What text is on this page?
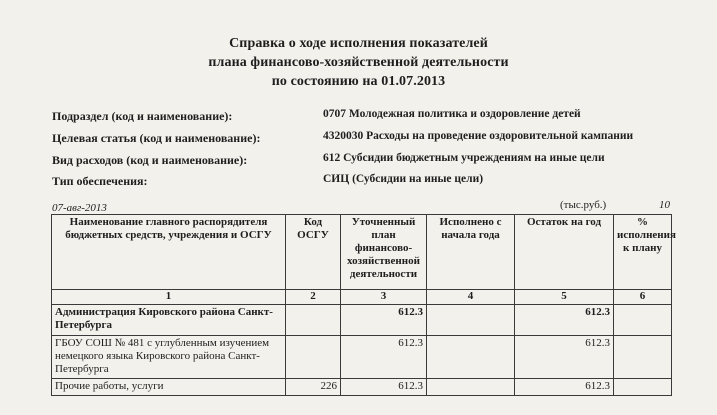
Справка о ходе исполнения показателей
плана финансово-хозяйственной деятельности
по состоянию на 01.07.2013
Подраздел (код и наименование):	0707 Молодежная политика и оздоровление детей
Целевая статья (код и наименование):	4320030 Расходы на проведение оздоровительной кампании
Вид расходов (код и наименование):	612 Субсидии бюджетным учреждениям на иные цели
Тип обеспечения:	СИЦ (Субсидии на иные цели)
07-авг-2013	(тыс.руб.)	10
Наименование главного распорядителя бюджетных средств, учреждения и ОСГУ	Код ОСГУ	Уточненный план финансово-хозяйственной деятельности	Исполнено с начала года	Остаток на год	% исполнения к плану
1	2	3	4	5	6
Администрация Кировского района Санкт-Петербурга		612.3		612.3	
ГБОУ СОШ № 481 с углубленным изучением немецкого языка Кировского района Санкт-Петербурга		612.3		612.3	
Прочие работы, услуги	226	612.3		612.3	
